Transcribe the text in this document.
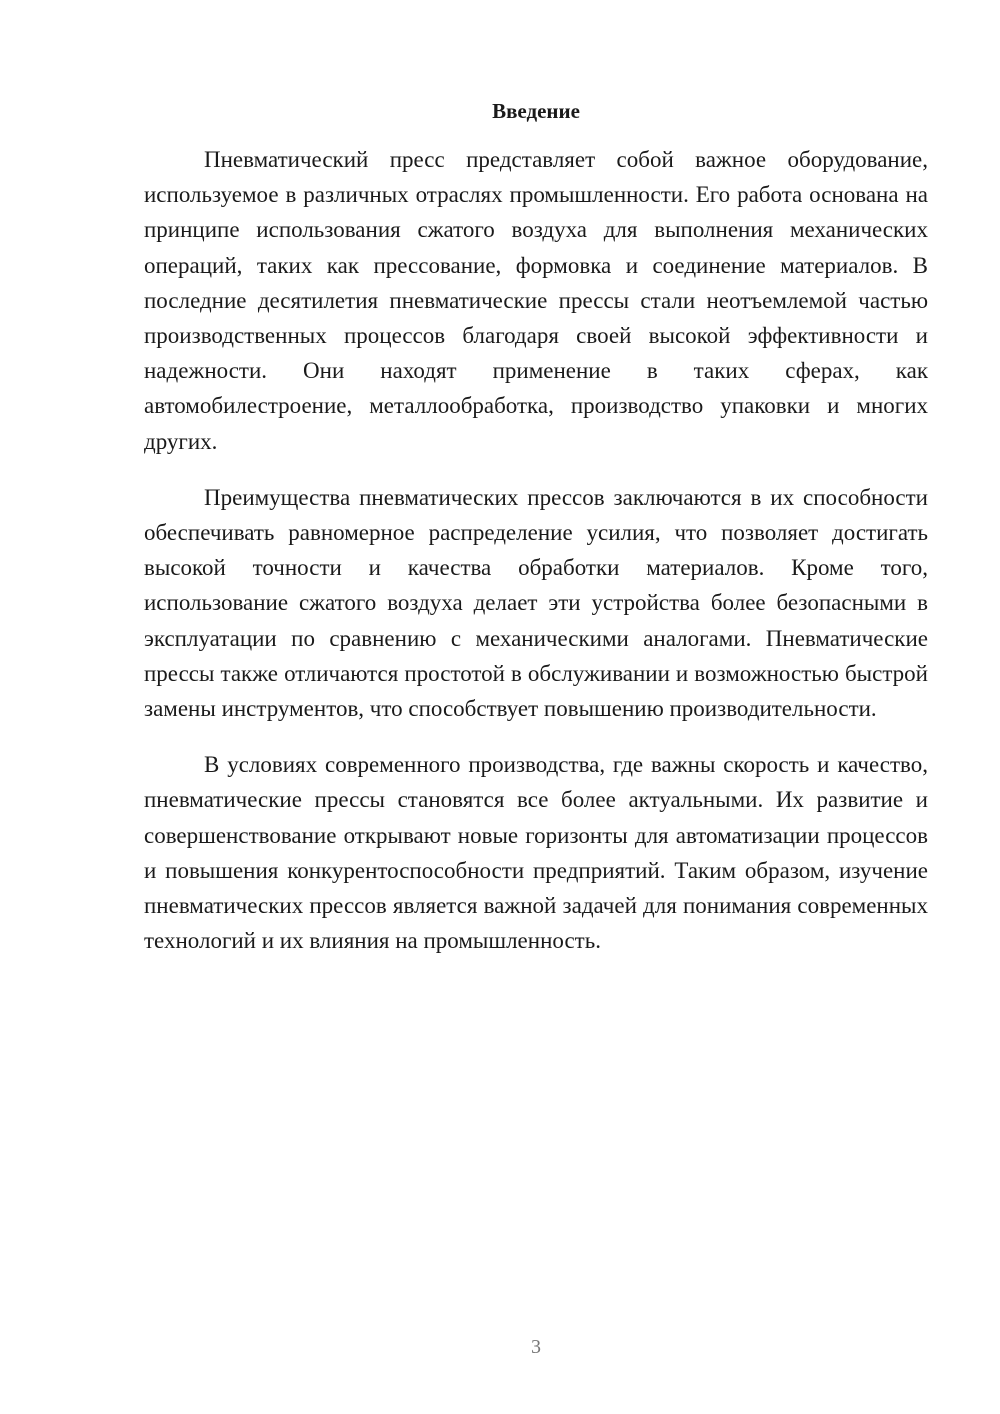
Введение

Пневматический пресс представляет собой важное оборудование, используемое в различных отраслях промышленности. Его работа основана на принципе использования сжатого воздуха для выполнения механических операций, таких как прессование, формовка и соединение материалов. В последние десятилетия пневматические прессы стали неотъемлемой частью производственных процессов благодаря своей высокой эффективности и надежности. Они находят применение в таких сферах, как автомобилестроение, металлообработка, производство упаковки и многих других.

Преимущества пневматических прессов заключаются в их способности обеспечивать равномерное распределение усилия, что позволяет достигать высокой точности и качества обработки материалов. Кроме того, использование сжатого воздуха делает эти устройства более безопасными в эксплуатации по сравнению с механическими аналогами. Пневматические прессы также отличаются простотой в обслуживании и возможностью быстрой замены инструментов, что способствует повышению производительности.

В условиях современного производства, где важны скорость и качество, пневматические прессы становятся все более актуальными. Их развитие и совершенствование открывают новые горизонты для автоматизации процессов и повышения конкурентоспособности предприятий. Таким образом, изучение пневматических прессов является важной задачей для понимания современных технологий и их влияния на промышленность.

3
